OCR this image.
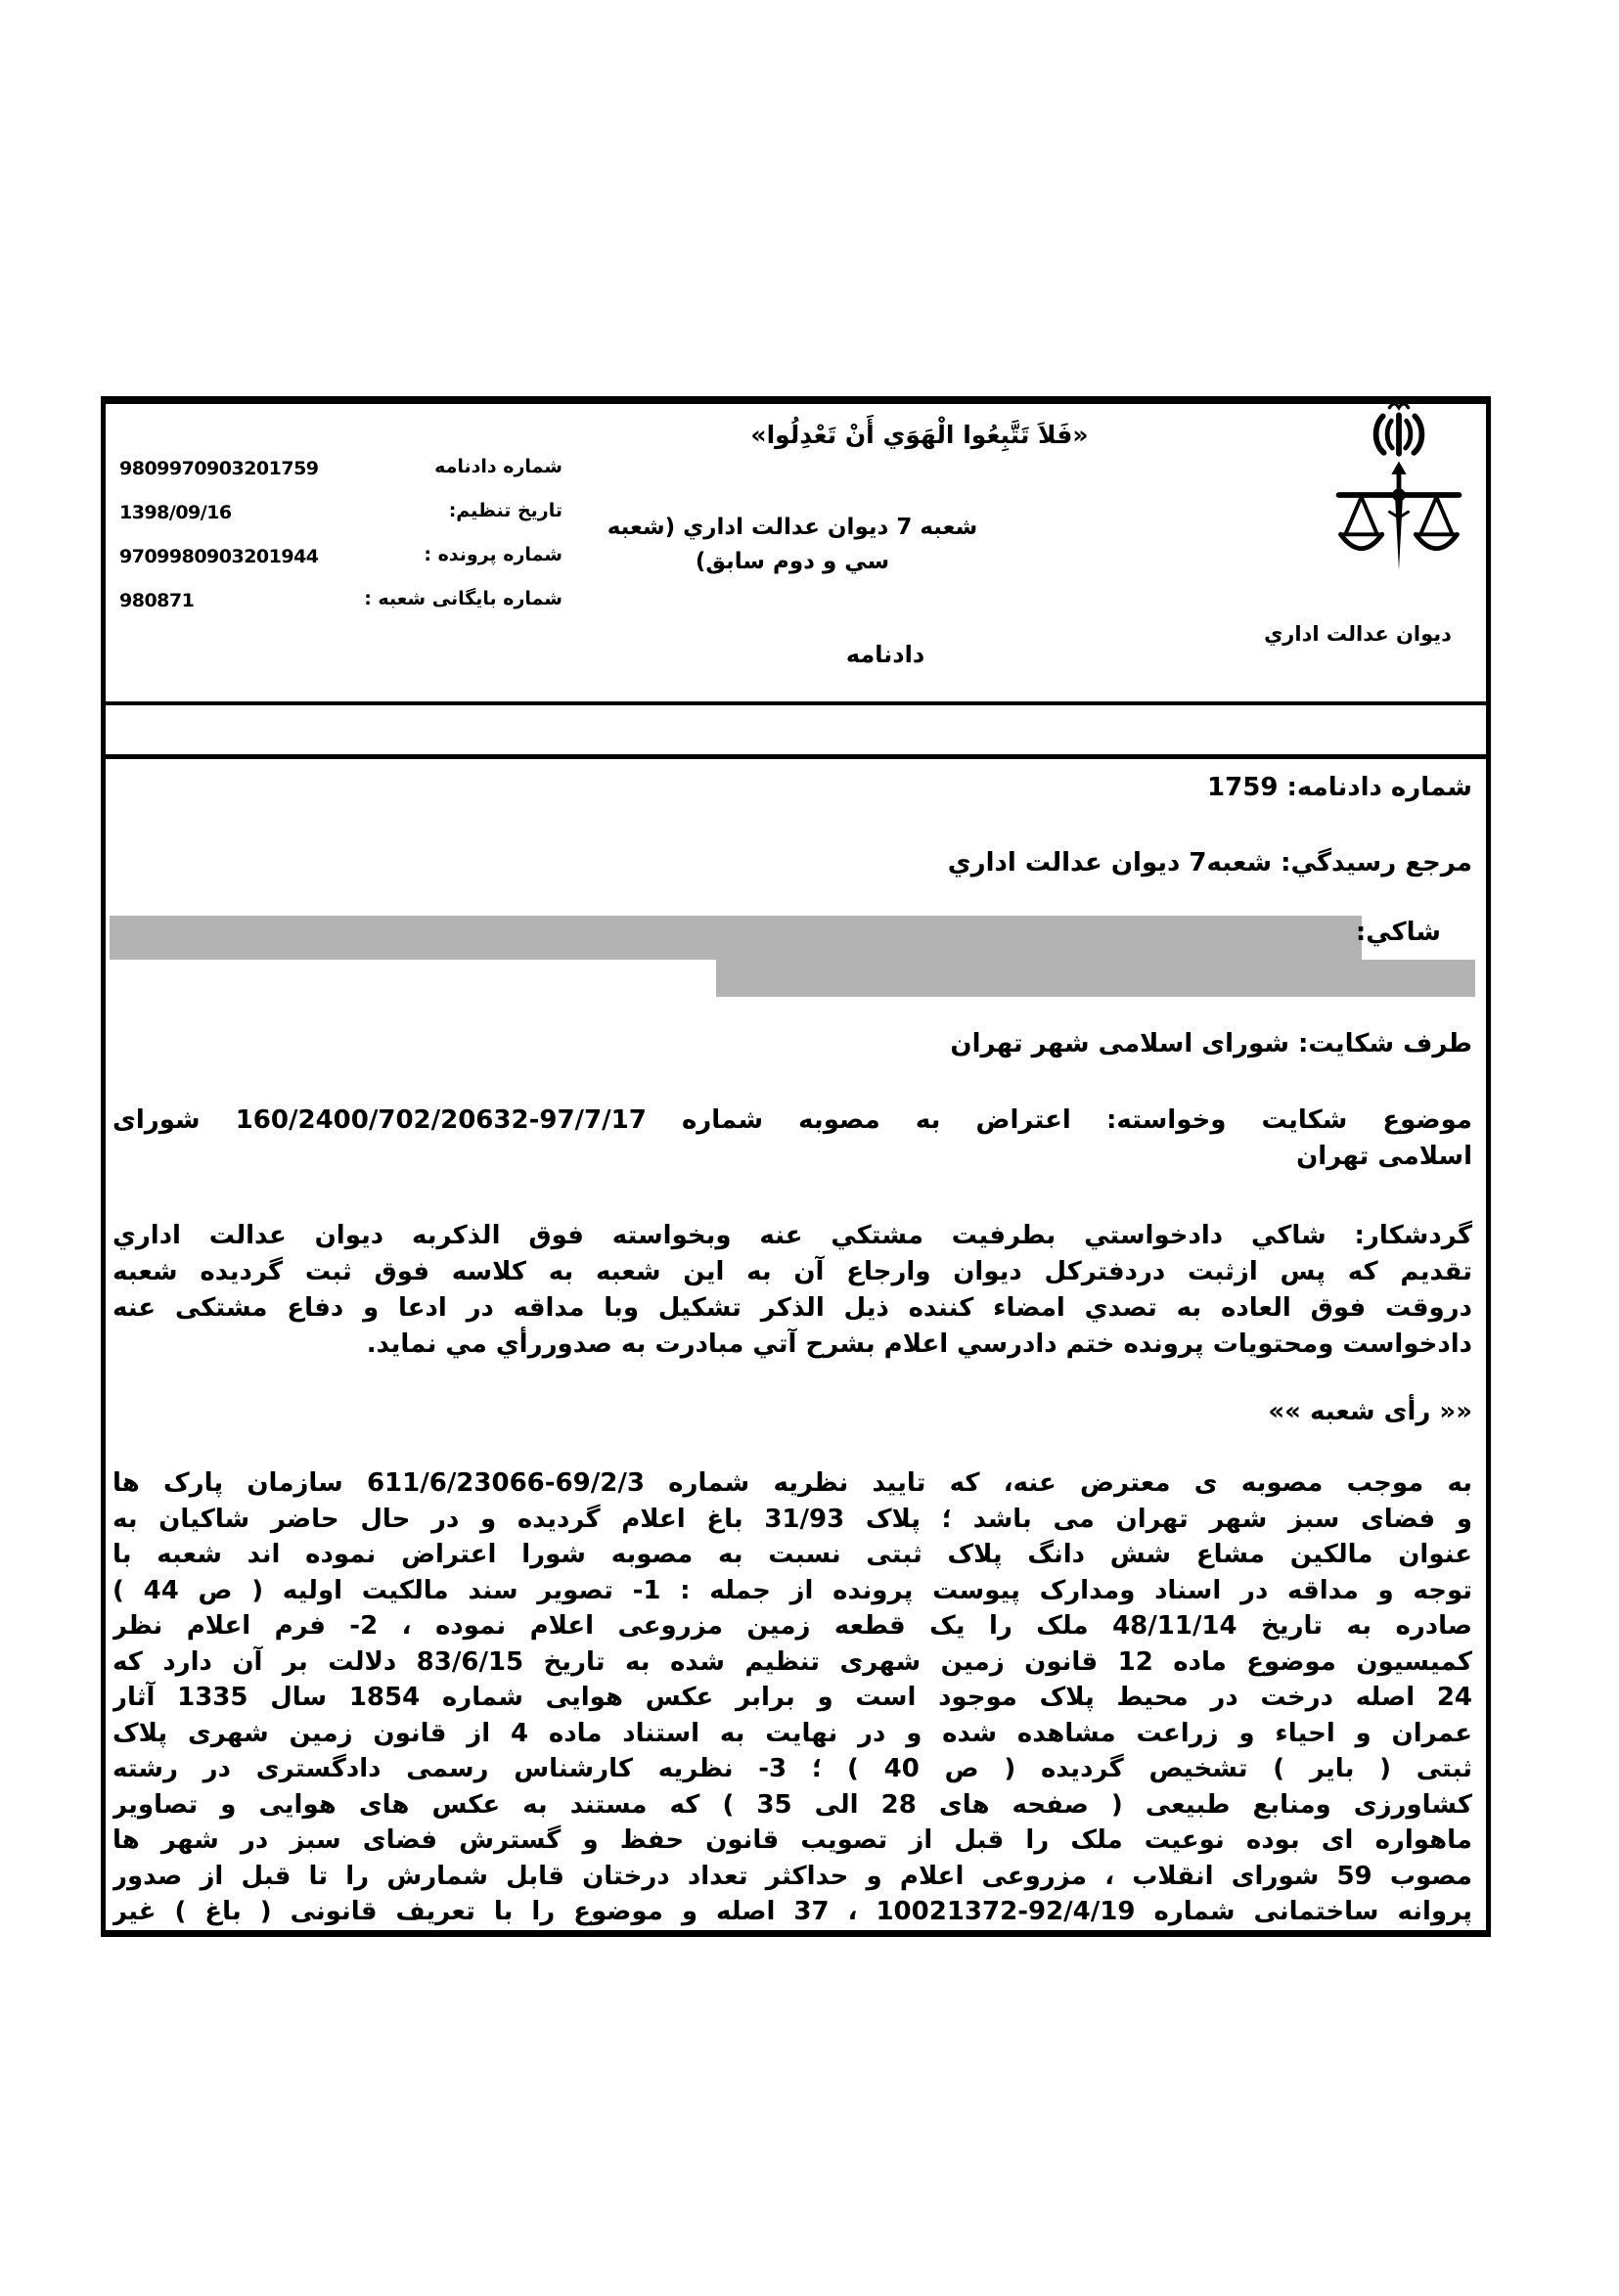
«فَلاَ تَتَّبِعُوا الْهَوَي أَنْ تَعْدِلُوا»
ديوان عدالت اداري
شعبه 7 ديوان عدالت اداري (شعبه سي و دوم سابق)
دادنامه
شماره دادنامه
9809970903201759
تاريخ تنظيم:
1398/09/16
شماره پرونده :
9709980903201944
شماره بايگانی شعبه :
980871
شماره دادنامه: 1759
مرجع رسيدگي: شعبه7 ديوان عدالت اداري
شاكي:
طرف شكايت: شورای اسلامی شهر تهران
موضوع شكايت وخواسته: اعتراض به مصوبه شماره 97/7/17-160/2400/702/20632 شورای
اسلامی تهران
گردشكار: شاكي دادخواستي بطرفيت مشتكي عنه وبخواسته فوق الذكربه ديوان عدالت اداري
تقديم كه پس ازثبت دردفتركل ديوان وارجاع آن به اين شعبه به كلاسه فوق ثبت گرديده شعبه
دروقت فوق العاده به تصدي امضاء كننده ذيل الذكر تشكيل وبا مداقه در ادعا و دفاع مشتكی عنه
دادخواست ومحتويات پرونده ختم دادرسي اعلام بشرح آتي مبادرت به صدوررأي مي نمايد.
«« رأی شعبه »»
به موجب مصوبه ی معترض عنه، كه تاييد نظريه شماره 69/2/3-611/6/23066 سازمان پارک ها
و فضای سبز شهر تهران می باشد ؛ پلاک 31/93 باغ اعلام گرديده و در حال حاضر شاكيان به
عنوان مالكين مشاع شش دانگ پلاک ثبتی نسبت به مصوبه شورا اعتراض نموده اند شعبه با
توجه و مداقه در اسناد ومدارک پيوست پرونده از جمله : 1- تصوير سند مالكيت اوليه ( ص 44 )
صادره به تاريخ 48/11/14 ملک را يک قطعه زمين مزروعی اعلام نموده ، 2- فرم اعلام نظر
كميسيون موضوع ماده 12 قانون زمين شهری تنظيم شده به تاريخ 83/6/15 دلالت بر آن دارد كه
24 اصله درخت در محيط پلاک موجود است و برابر عكس هوايی شماره 1854 سال 1335 آثار
عمران و احياء و زراعت مشاهده شده و در نهايت به استناد ماده 4 از قانون زمين شهری پلاک
ثبتی ( باير ) تشخيص گرديده ( ص 40 ) ؛ 3- نظريه كارشناس رسمی دادگستری در رشته
كشاورزی ومنابع طبيعی ( صفحه های 28 الی 35 ) كه مستند به عكس های هوايی و تصاوير
ماهواره ای بوده نوعيت ملک را قبل از تصويب قانون حفظ و گسترش فضای سبز در شهر ها
مصوب 59 شورای انقلاب ، مزروعی اعلام و حداكثر تعداد درختان قابل شمارش را تا قبل از صدور
پروانه ساختمانی شماره 92/4/19-10021372 ، 37 اصله و موضوع را با تعريف قانونی ( باغ ) غير
